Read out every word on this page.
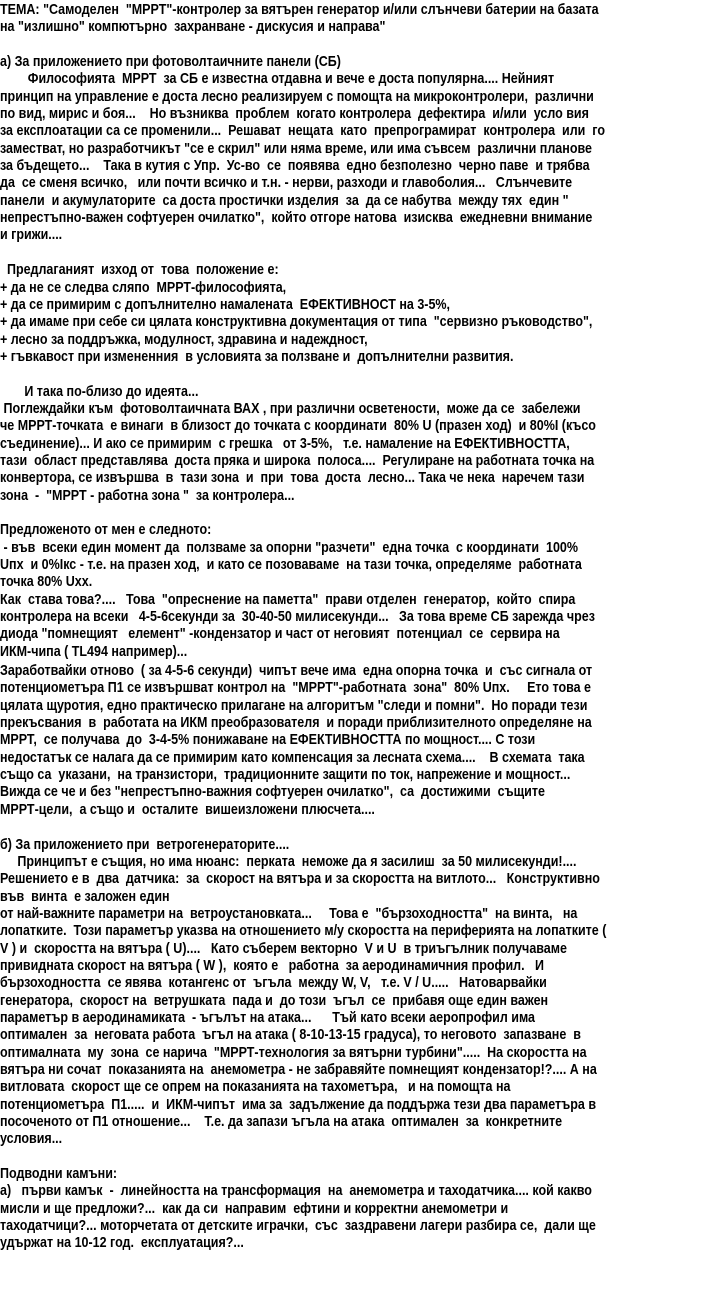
ТЕМА: "Самоделен  "МРРТ"-контролер за вятърен генератор и/или слънчеви батерии на базата
на "излишно" компютърно  захранване - дискусия и направа"
а) За приложението при фотоволтаичните панели (СБ)
Философията  МРРТ  за СБ е известна отдавна и вече е доста популярна.... Нейният
принцип на управление е доста лесно реализируем с помощта на микроконтролери,  различни
по вид, мирис и боя...    Но възниква  проблем  когато контролера  дефектира  и/или  усло вия
за експлоатации са се променили...  Решават  нещата  като  препрограмират  контролера  или  го
заместват, но разработчикът "се е скрил" или няма време, или има съвсем  различни планове
за бъдещето...    Така в кутия с Упр.  Ус-во  се  появява  едно безполезно  черно паве  и трябва
да  се сменя всичко,   или почти всичко и т.н. - нерви, разходи и главоболия...   Слънчевите
панели  и акумулаторите  са доста простички изделия  за  да се набутва  между тях  един "
непрестъпно-важен софтуерен очилатко",  който отгоре натова  изисква  ежедневни внимание
и грижи....
Предлаганият  изход от  това  положение е:
+ да не се следва сляпо  МРРТ-философията,
+ да се примирим с допълнително намалената  ЕФЕКТИВНОСТ на 3-5%,
+ да имаме при себе си цялата конструктивна документация от типа  "сервизно ръководство",
+ лесно за поддръжка, модулност, здравина и надеждност,
+ гъвкавост при измененния  в условията за ползване и  допълнителни развития.
И така по-близо до идеята...
Поглеждайки към  фотоволтаичната ВАХ , при различни осветености,  може да се  забележи
че МРРТ-точката  е винаги  в близост до точката с координати  80% U (празен ход)  и 80%I (късо
съединение)... И ако се примирим  с грешка   от 3-5%,   т.е. намаление на ЕФЕКТИВНОСТТА,
тази  област представлява  доста пряка и широка  полоса....  Регулиране на работната точка на
конвертора, се извършва  в  тази зона  и  при  това  доста  лесно... Така че нека  наречем тази
зона  -  "МРРТ - работна зона "  за контролера...
Предложеното от мен е следното:
- във  всеки един момент да  ползваме за опорни "разчети"  една точка  с координати  100%
Uпх  и 0%Iкс - т.е. на празен ход,  и като се позоваваме  на тази точка, определяме  работната
точка 80% Uхх.
Как  става това?....   Това  "опреснение на паметта"  прави отделен  генератор,  който  спира
контролера на всеки   4-5-6секунди за  30-40-50 милисекунди...   За това време СБ зарежда чрез
диода "помнещият   елемент" -кондензатор и част от неговият  потенциал  се  сервира на
ИКМ-чипа ( TL494 например)...
Заработвайки отново  ( за 4-5-6 секунди)  чипът вече има  една опорна точка  и  със сигнала от
потенциометъра П1 се извършват контрол на  "МРРТ"-работната  зона"  80% Uпх.     Ето това е
цялата щуротия, едно практическо прилагане на алгоритъм "следи и помни".  Но поради тези
прекъсвания  в  работата на ИКМ преобразователя  и поради приблизителното определяне на
МРРТ,  се получава  до  3-4-5% понижаване на ЕФЕКТИВНОСТТА по мощност.... С този
недостатък се налага да се примирим като компенсация за лесната схема....    В схемата  така
също са  указани,  на транзистори,  традиционните защити по ток, напрежение и мощност...
Вижда се че и без "непрестъпно-важния софтуерен очилатко",  са  достижими  същите
МРРТ-цели,  а също и  осталите  вишеизложени плюсчета....
б) За приложението при  ветрогенераторите....
Принципът е същия, но има нюанс:  перката  неможе да я засилиш  за 50 милисекунди!....
Решението е в  два  датчика:  за  скорост на вятъра и за скоростта на витлото...   Конструктивно
във  винта  е заложен един
от най-важните параметри на  ветроустановката...     Това е  "бързоходността"  на винта,   на
лопатките.  Този параметър указва на отношението м/у скоростта на периферията на лопатките (
V ) и  скоростта на вятъра ( U)....   Като съберем векторно  V и U  в триъгълник получаваме
привидната скорост на вятъра ( W ),  която е   работна  за аеродинамичния профил.   И
бързоходността  се явява  котангенс от  ъгъла  между W, V,   т.е. V / U.....   Натоварвайки
генератора,  скорост на  ветрушката  пада и  до този  ъгъл  се  прибавя още един важен
параметър в аеродинамиката  - ъгълът на атака...      Тъй като всеки аеропрофил има
оптимален  за  неговата работа  ъгъл на атака ( 8-10-13-15 градуса), то неговото  запазване  в
оптималната  му  зона  се нарича  "МРРТ-технология за вятърни турбини".....  На скоростта на
вятъра ни сочат  показанията на  анемометра - не забравяйте помнещият кондензатор!?.... А на
витловата  скорост ще се опрем на показанията на тахометъра,   и на помощта на
потенциометъра  П1.....  и  ИКМ-чипът  има за  задължение да поддържа тези два параметъра в
посоченото от П1 отношение...    Т.е. да запази ъгъла на атака  оптимален  за  конкретните
условия...
Подводни камъни:
а)   първи камък  -  линейността на трансформация  на  анемометра и таходатчика.... кой какво
мисли и ще предложи?...  как да си  направим  ефтини и корректни анемометри и
таходатчици?... моторчетата от детските играчки,  със  заздравени лагери разбира се,  дали ще
удържат на 10-12 год.  експлуатация?...
